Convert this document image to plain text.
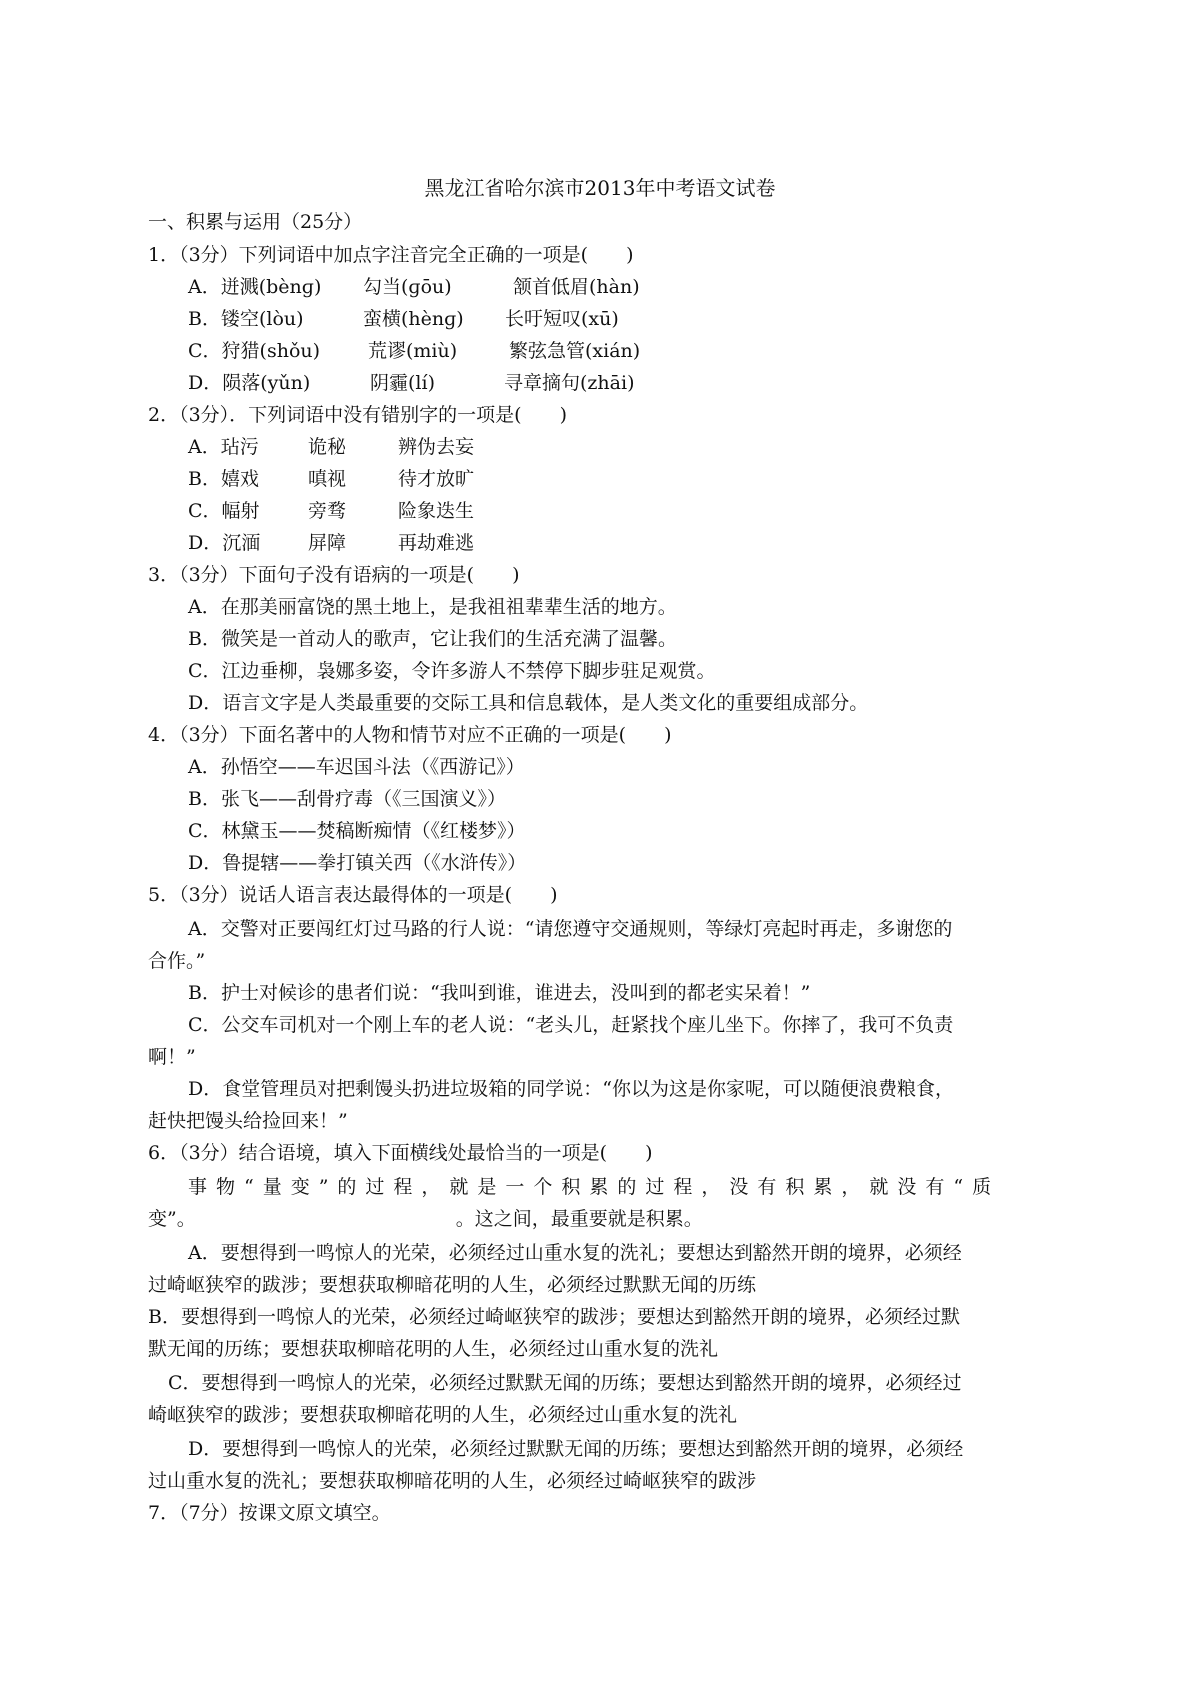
黑龙江省哈尔滨市2013年中考语文试卷
一、积累与运用（25分）
1．（3分）下列词语中加点字注音完全正确的一项是(　　)
A．迸溅(bènɡ) 勾当(ɡōu)	颔首低眉(hàn)
B．镂空(lòu)	蛮横(hènɡ) 长吁短叹(xū)
C．狩猎(shǒu)	荒谬(miù)	繁弦急管(xián)
D．陨落(yǔn)	阴霾(lí)	寻章摘句(zhāi)
2．（3分）．下列词语中没有错别字的一项是(　　)
A．玷污	诡秘	辨伪去妄
B．嬉戏	嗔视	待才放旷
C．幅射	旁骛	险象迭生
D．沉湎	屏障	再劫难逃
3．（3分）下面句子没有语病的一项是(　　)
A．在那美丽富饶的黑土地上，是我祖祖辈辈生活的地方。
B．微笑是一首动人的歌声，它让我们的生活充满了温馨。
C．江边垂柳，袅娜多姿，令许多游人不禁停下脚步驻足观赏。
D．语言文字是人类最重要的交际工具和信息载体，是人类文化的重要组成部分。
4．（3分）下面名著中的人物和情节对应不正确的一项是(　　)
A．孙悟空——车迟国斗法（《西游记》）
B．张飞——刮骨疗毒（《三国演义》）
C．林黛玉——焚稿断痴情（《红楼梦》）
D．鲁提辖——拳打镇关西（《水浒传》）
5．（3分）说话人语言表达最得体的一项是(　　)
A．交警对正要闯红灯过马路的行人说：“请您遵守交通规则，等绿灯亮起时再走，多谢您的
合作。”
B．护士对候诊的患者们说：“我叫到谁，谁进去，没叫到的都老实呆着！”
C．公交车司机对一个刚上车的老人说：“老头儿，赶紧找个座儿坐下。你摔了，我可不负责
啊！”
D．食堂管理员对把剩馒头扔进垃圾箱的同学说：“你以为这是你家呢，可以随便浪费粮食，
赶快把馒头给捡回来！”
6．（3分）结合语境，填入下面横线处最恰当的一项是(　　)
事物“量变”的过程，就是一个积累的过程，没有积累，就没有“质
变”。	。这之间，最重要就是积累。
A．要想得到一鸣惊人的光荣，必须经过山重水复的洗礼；要想达到豁然开朗的境界，必须经
过崎岖狭窄的跋涉；要想获取柳暗花明的人生，必须经过默默无闻的历练
B．要想得到一鸣惊人的光荣，必须经过崎岖狭窄的跋涉；要想达到豁然开朗的境界，必须经过默
默无闻的历练；要想获取柳暗花明的人生，必须经过山重水复的洗礼
C．要想得到一鸣惊人的光荣，必须经过默默无闻的历练；要想达到豁然开朗的境界，必须经过
崎岖狭窄的跋涉；要想获取柳暗花明的人生，必须经过山重水复的洗礼
D．要想得到一鸣惊人的光荣，必须经过默默无闻的历练；要想达到豁然开朗的境界，必须经
过山重水复的洗礼；要想获取柳暗花明的人生，必须经过崎岖狭窄的跋涉
7．（7分）按课文原文填空。
